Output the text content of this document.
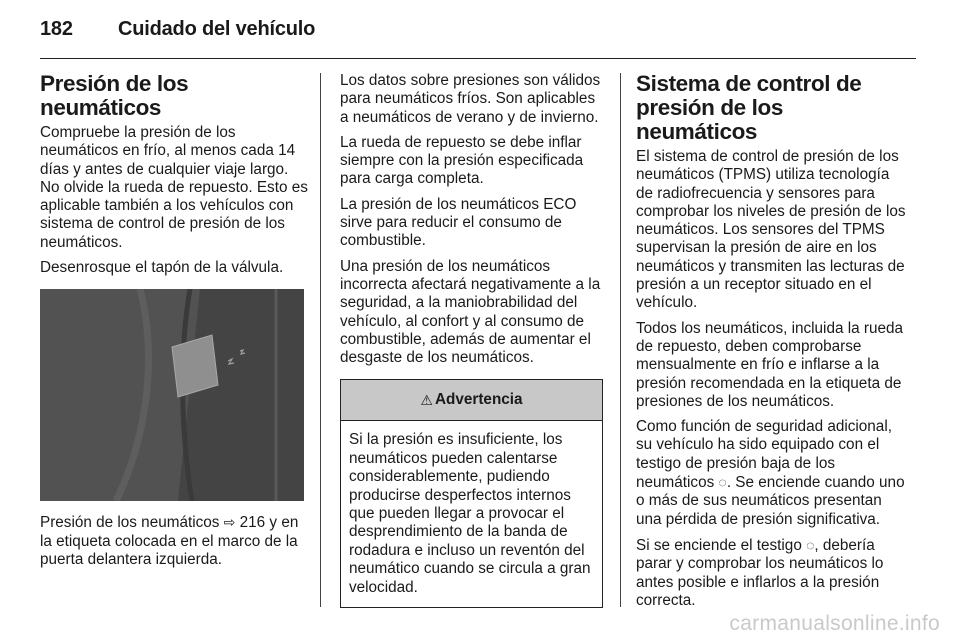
182 Cuidado del vehículo
Presión de los neumáticos

Compruebe la presión de los neumáticos en frío, al menos cada 14 días y antes de cualquier viaje largo. No olvide la rueda de repuesto. Esto es aplicable también a los vehículos con sistema de control de presión de los neumáticos.

Desenrosque el tapón de la válvula.

Presión de los neumáticos ⇨ 216 y en la etiqueta colocada en el marco de la puerta delantera izquierda.

Los datos sobre presiones son válidos para neumáticos fríos. Son aplicables a neumáticos de verano y de invierno.

La rueda de repuesto se debe inflar siempre con la presión especificada para carga completa.

La presión de los neumáticos ECO sirve para reducir el consumo de combustible.

Una presión de los neumáticos incorrecta afectará negativamente a la seguridad, a la maniobrabilidad del vehículo, al confort y al consumo de combustible, además de aumentar el desgaste de los neumáticos.

⚠ Advertencia
Si la presión es insuficiente, los neumáticos pueden calentarse considerablemente, pudiendo producirse desperfectos internos que pueden llegar a provocar el desprendimiento de la banda de rodadura e incluso un reventón del neumático cuando se circula a gran velocidad.
Sistema de control de presión de los neumáticos

El sistema de control de presión de los neumáticos (TPMS) utiliza tecnología de radiofrecuencia y sensores para comprobar los niveles de presión de los neumáticos. Los sensores del TPMS supervisan la presión de aire en los neumáticos y transmiten las lecturas de presión a un receptor situado en el vehículo.

Todos los neumáticos, incluida la rueda de repuesto, deben comprobarse mensualmente en frío e inflarse a la presión recomendada en la etiqueta de presiones de los neumáticos.

Como función de seguridad adicional, su vehículo ha sido equipado con el testigo de presión baja de los neumáticos ◌. Se enciende cuando uno o más de sus neumáticos presentan una pérdida de presión significativa.

Si se enciende el testigo ◌, debería parar y comprobar los neumáticos lo antes posible e inflarlos a la presión correcta.

carmanualsonline.info
